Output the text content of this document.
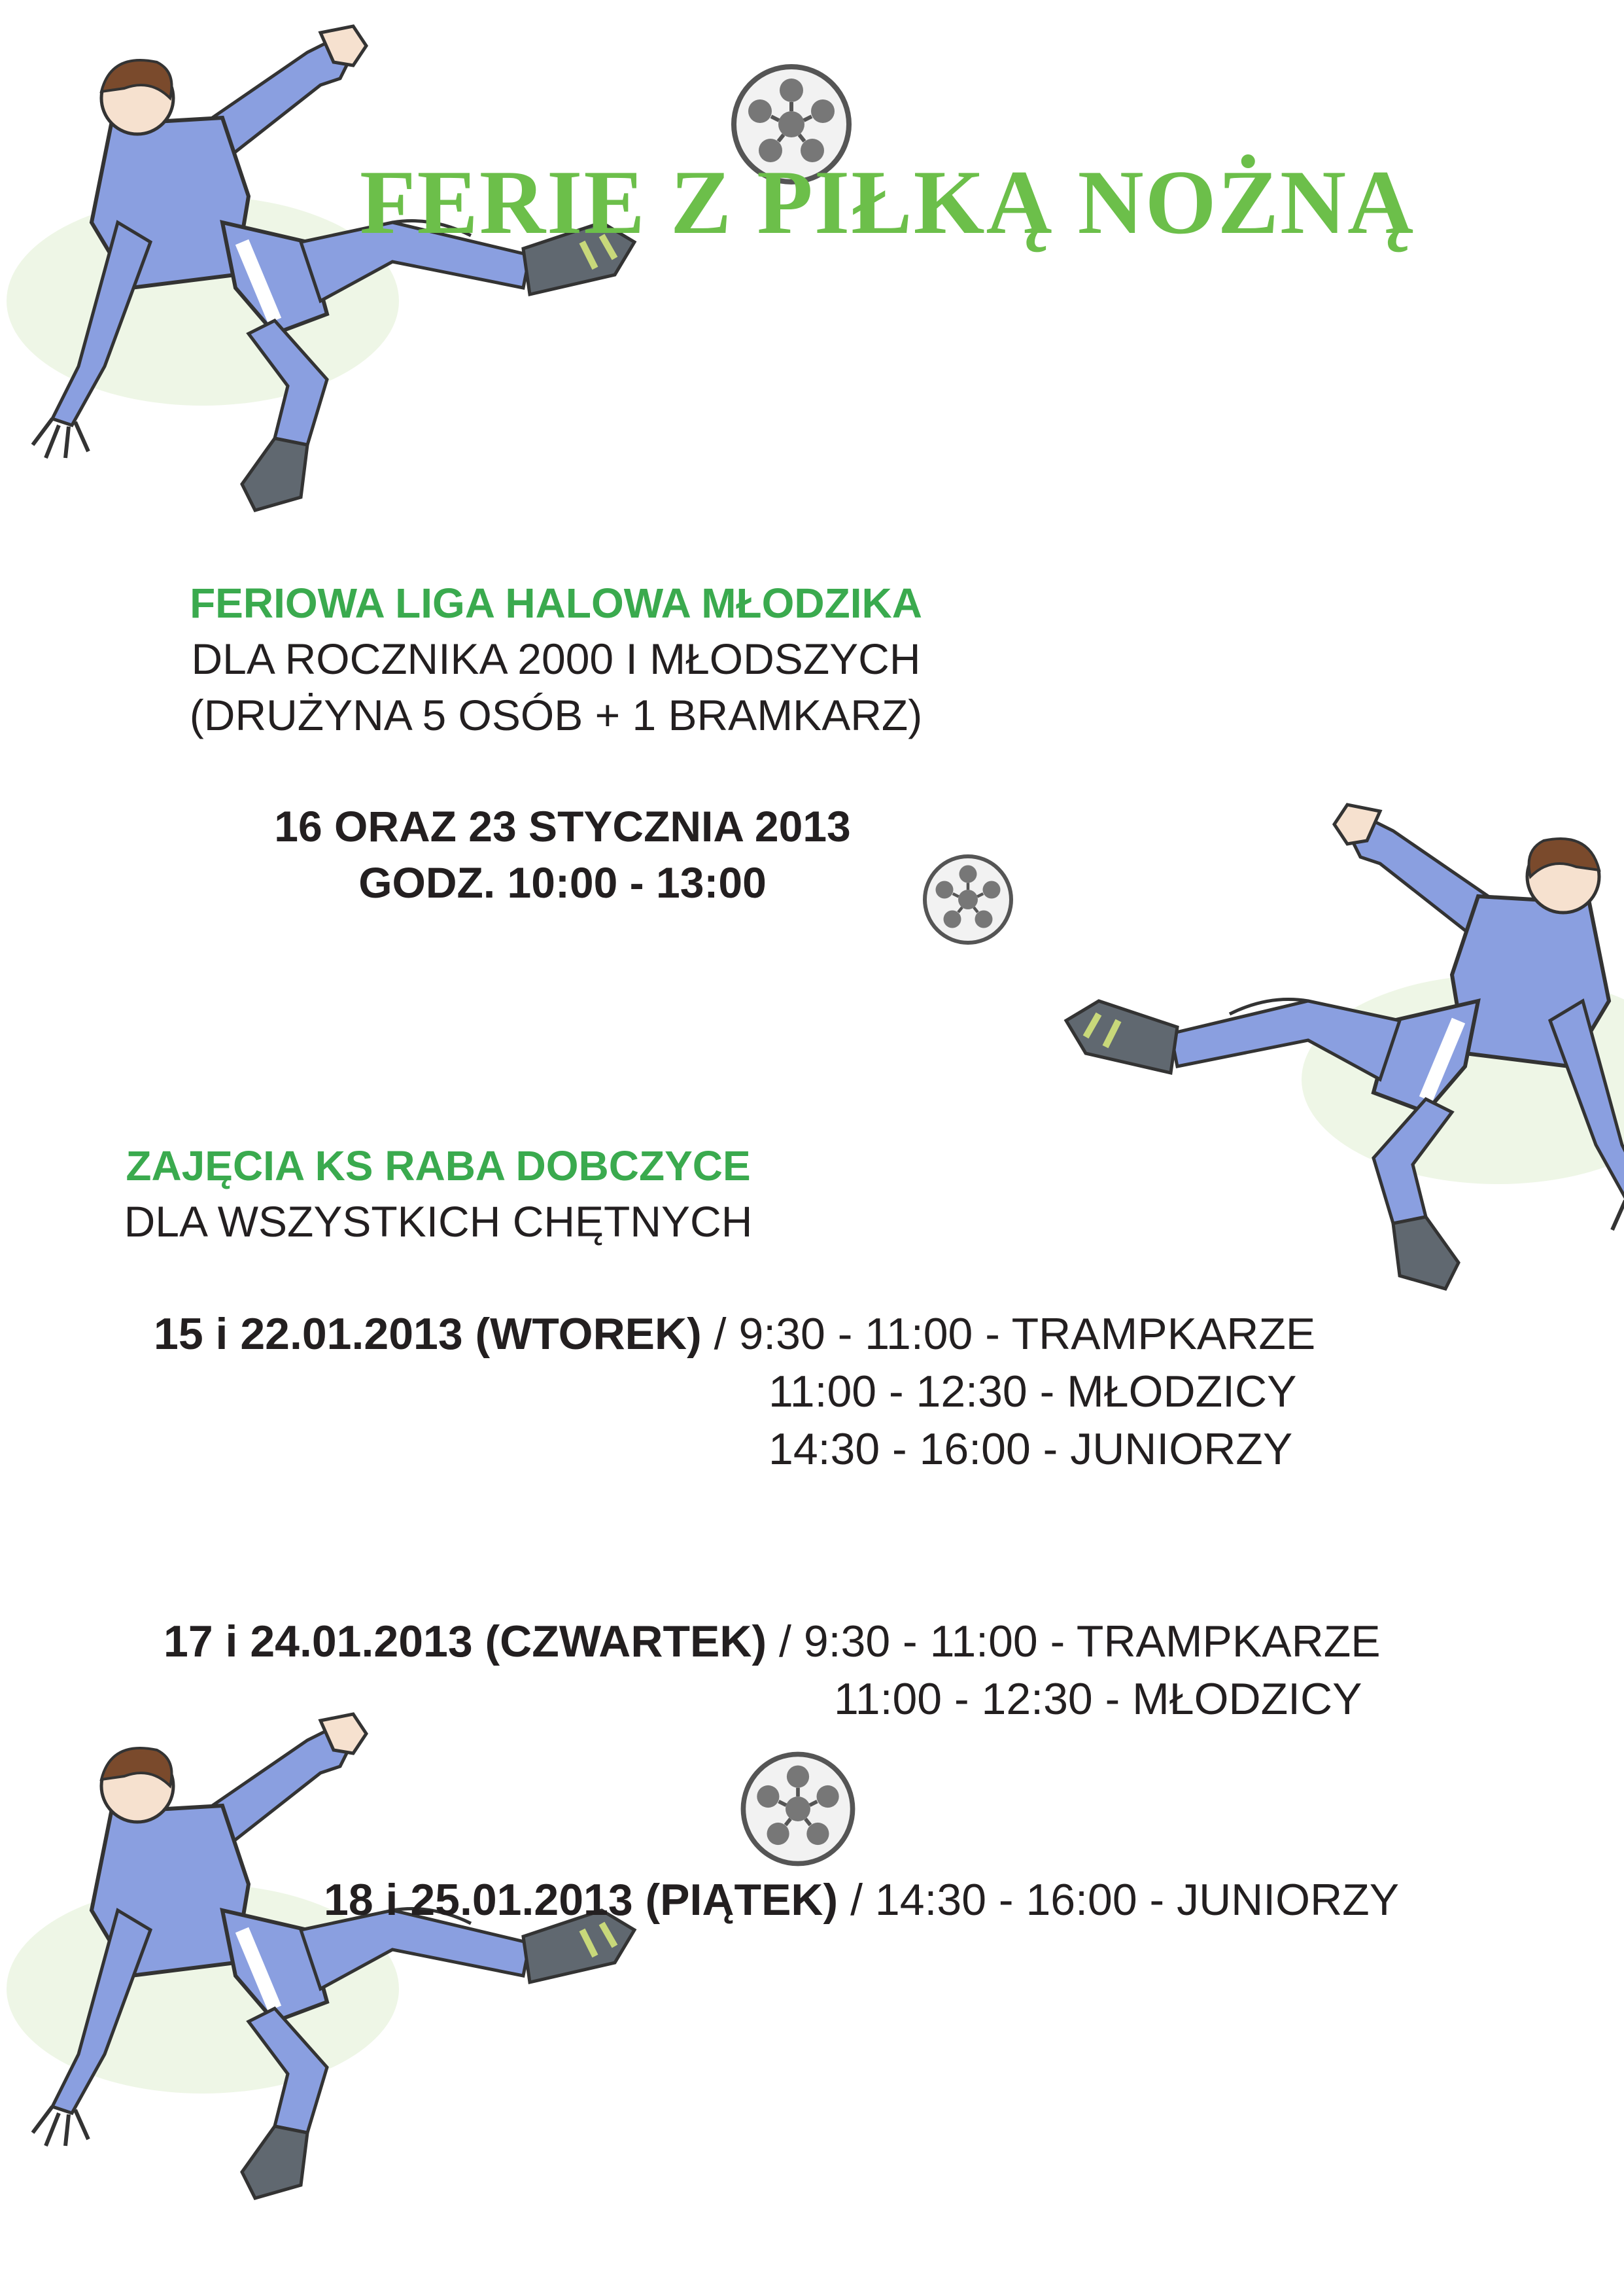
FERIE Z PIŁKĄ NOŻNĄ
FERIOWA LIGA HALOWA MŁODZIKA
DLA ROCZNIKA 2000 I MŁODSZYCH
(DRUŻYNA 5 OSÓB + 1 BRAMKARZ)
16 ORAZ 23 STYCZNIA 2013
GODZ. 10:00 - 13:00
ZAJĘCIA KS RABA DOBCZYCE
DLA WSZYSTKICH CHĘTNYCH
15 i 22.01.2013 (WTOREK) / 9:30 - 11:00 - TRAMPKARZE
11:00 - 12:30 - MŁODZICY
14:30 - 16:00 - JUNIORZY
17 i 24.01.2013 (CZWARTEK) / 9:30 - 11:00 - TRAMPKARZE
11:00 - 12:30 - MŁODZICY
18 i 25.01.2013 (PIĄTEK) / 14:30 - 16:00 - JUNIORZY
